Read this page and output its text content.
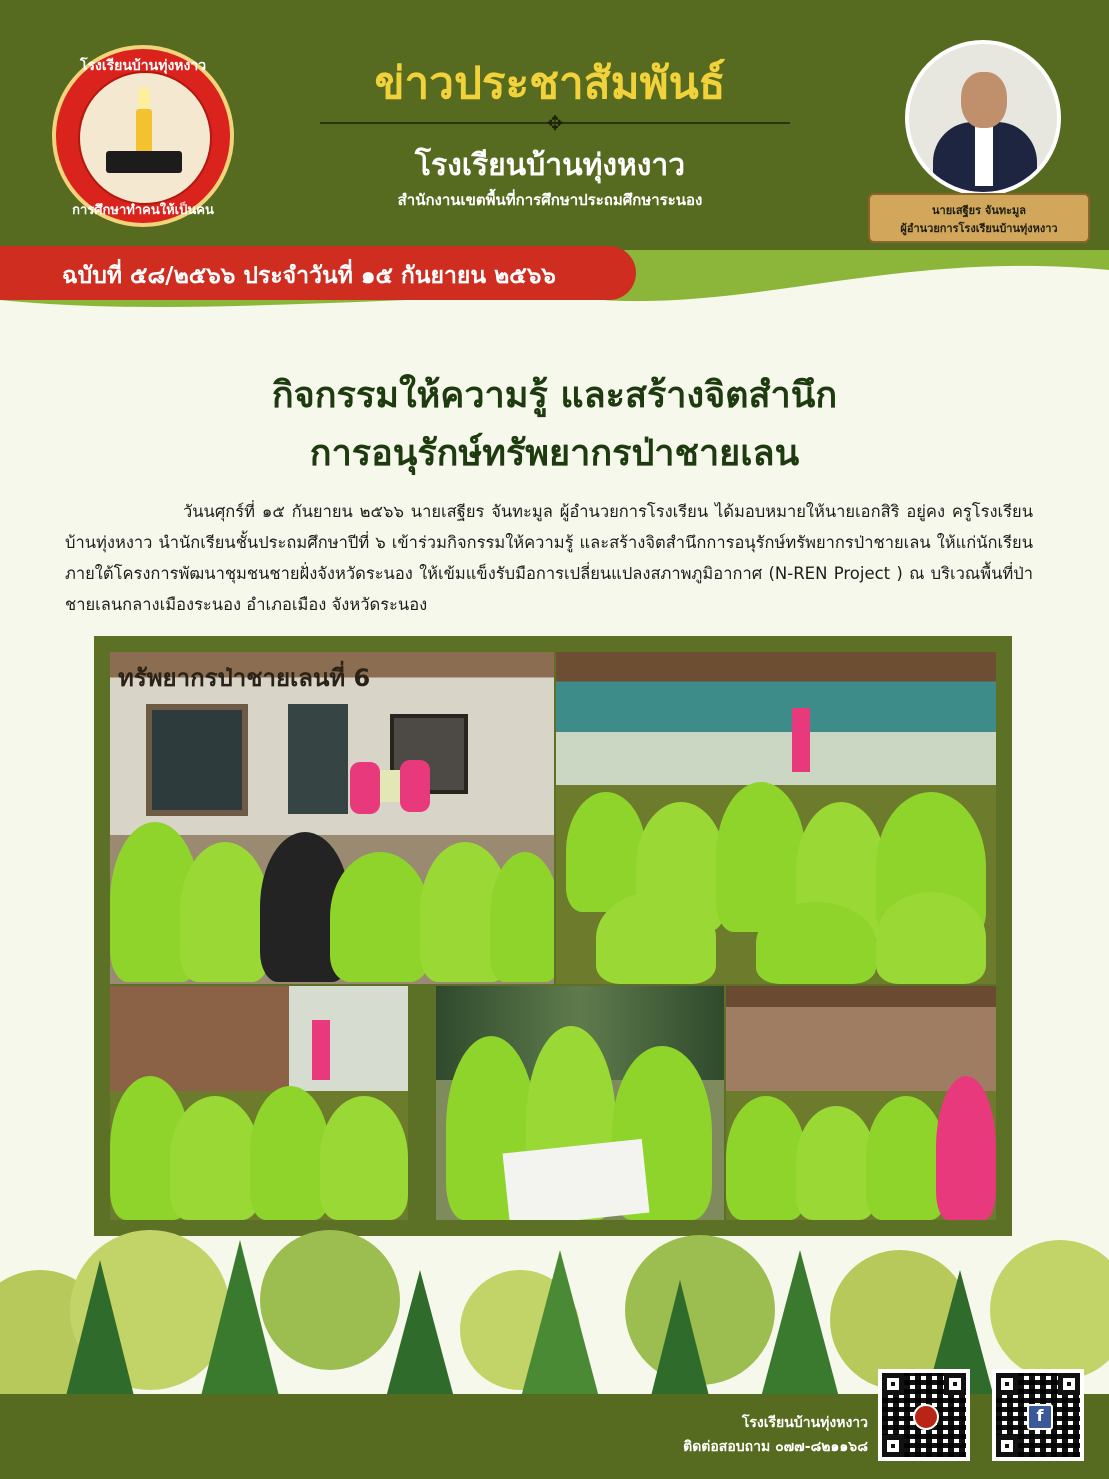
โรงเรียนบ้านทุ่งหงาว
การศึกษาทำคนให้เป็นคน
ข่าวประชาสัมพันธ์
✥
โรงเรียนบ้านทุ่งหงาว
สำนักงานเขตพื้นที่การศึกษาประถมศึกษาระนอง
นายเสฐียร จันทะมูล
ผู้อำนวยการโรงเรียนบ้านทุ่งหงาว
ฉบับที่ ๕๘/๒๕๖๖ ประจำวันที่ ๑๕ กันยายน ๒๕๖๖
กิจกรรมให้ความรู้ และสร้างจิตสำนึก
การอนุรักษ์ทรัพยากรป่าชายเลน

วันนศุกร์ที่ ๑๕ กันยายน ๒๕๖๖ นายเสฐียร จันทะมูล ผู้อำนวยการโรงเรียน ได้มอบหมายให้นายเอกสิริ อยู่คง ครูโรงเรียนบ้านทุ่งหงาว นำนักเรียนชั้นประถมศึกษาปีที่ ๖ เข้าร่วมกิจกรรมให้ความรู้ และสร้างจิตสำนึกการอนุรักษ์ทรัพยากรป่าชายเลน ให้แก่นักเรียน ภายใต้โครงการพัฒนาชุมชนชายฝั่งจังหวัดระนอง ให้เข้มแข็งรับมือการเปลี่ยนแปลงสภาพภูมิอากาศ (N-REN Project ) ณ บริเวณพื้นที่ป่าชายเลนกลางเมืองระนอง อำเภอเมือง จังหวัดระนอง

ทรัพยากรป่าชายเลนที่ 6
โรงเรียนบ้านทุ่งหงาว
ติดต่อสอบถาม ๐๗๗-๘๒๑๑๖๘
f
